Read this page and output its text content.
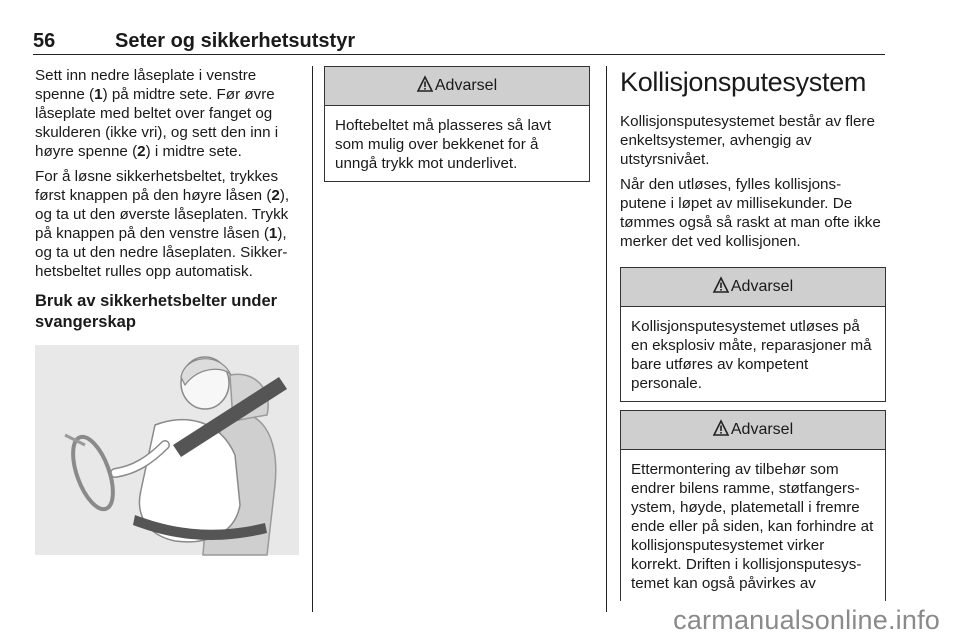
56	Seter og sikkerhetsutstyr

Sett inn nedre låseplate i venstre spenne (1) på midtre sete. Før øvre låseplate med beltet over fanget og skulderen (ikke vri), og sett den inn i høyre spenne (2) i midtre sete.

For å løsne sikkerhetsbeltet, trykkes først knappen på den høyre låsen (2), og ta ut den øverste låseplaten. Trykk på knappen på den venstre låsen (1), og ta ut den nedre låseplaten. Sikker-hetsbeltet rulles opp automatisk.

Bruk av sikkerhetsbelter under svangerskap
Advarsel
Hoftebeltet må plasseres så lavt som mulig over bekkenet for å unngå trykk mot underlivet.
Kollisjonsputesystem

Kollisjonsputesystemet består av flere enkeltsystemer, avhengig av utstyrsnivået.

Når den utløses, fylles kollisjons-putene i løpet av millisekunder. De tømmes også så raskt at man ofte ikke merker det ved kollisjonen.

Advarsel
Kollisjonsputesystemet utløses på en eksplosiv måte, reparasjoner må bare utføres av kompetent personale.
Advarsel
Ettermontering av tilbehør som endrer bilens ramme, støtfangers-ystem, høyde, platemetall i fremre ende eller på siden, kan forhindre at kollisjonsputesystemet virker korrekt. Driften i kollisjonsputesys-temet kan også påvirkes av
carmanualsonline.info
